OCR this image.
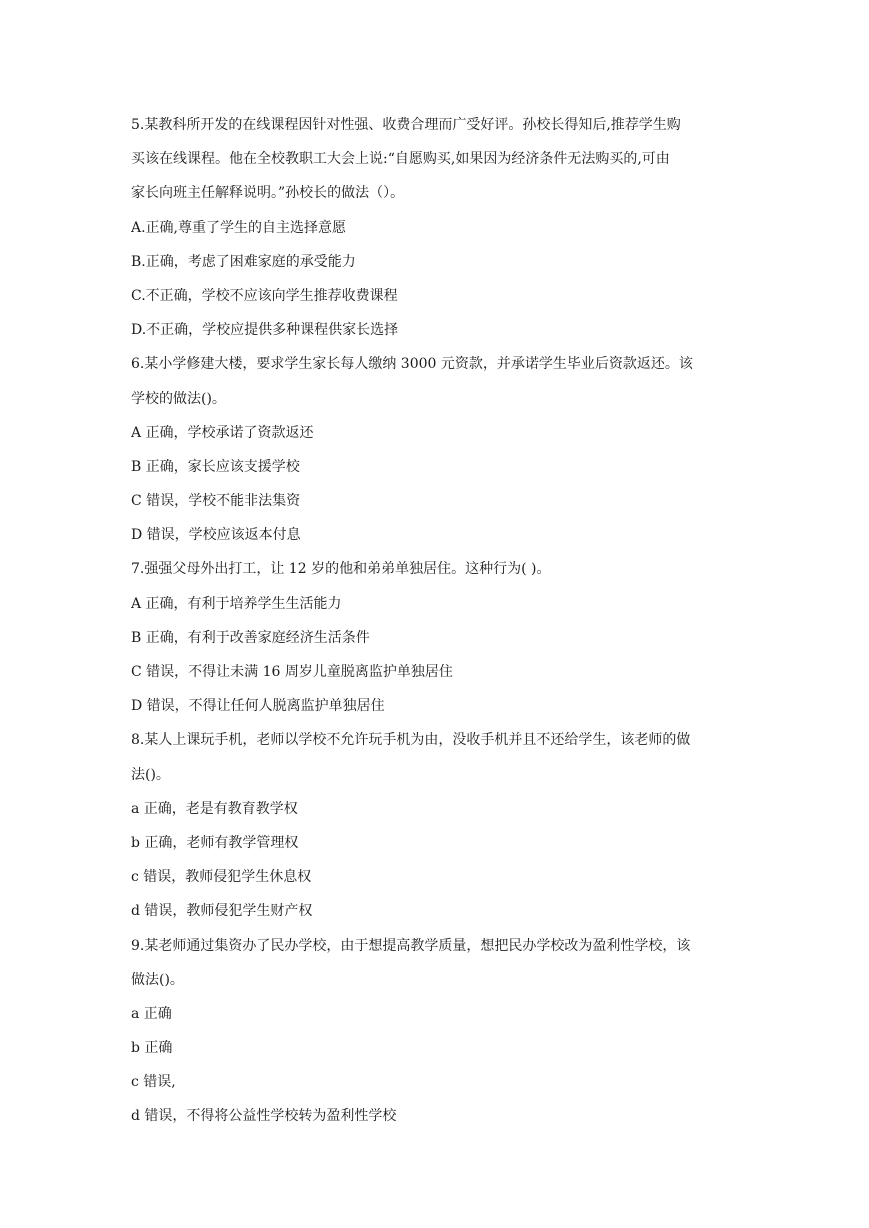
5.某教科所开发的在线课程因针对性强、收费合理而广受好评。孙校长得知后,推荐学生购
买该在线课程。他在全校教职工大会上说:“自愿购买,如果因为经济条件无法购买的,可由
家长向班主任解释说明。”孙校长的做法（）。
A.正确,尊重了学生的自主选择意愿
B.正确，考虑了困难家庭的承受能力
C.不正确，学校不应该向学生推荐收费课程
D.不正确，学校应提供多种课程供家长选择
6.某小学修建大楼，要求学生家长每人缴纳 3000 元资款，并承诺学生毕业后资款返还。该
学校的做法()。
A 正确，学校承诺了资款返还
B 正确，家长应该支援学校
C 错误，学校不能非法集资
D 错误，学校应该返本付息
7.强强父母外出打工，让 12 岁的他和弟弟单独居住。这种行为( )。
A 正确，有利于培养学生生活能力
B 正确，有利于改善家庭经济生活条件
C 错误，不得让未满 16 周岁儿童脱离监护单独居住
D 错误，不得让任何人脱离监护单独居住
8.某人上课玩手机，老师以学校不允许玩手机为由，没收手机并且不还给学生，该老师的做
法()。
a 正确，老是有教育教学权
b 正确，老师有教学管理权
c 错误，教师侵犯学生休息权
d 错误，教师侵犯学生财产权
9.某老师通过集资办了民办学校，由于想提高教学质量，想把民办学校改为盈利性学校，该
做法()。
a 正确
b 正确
c 错误,
d 错误，不得将公益性学校转为盈利性学校
